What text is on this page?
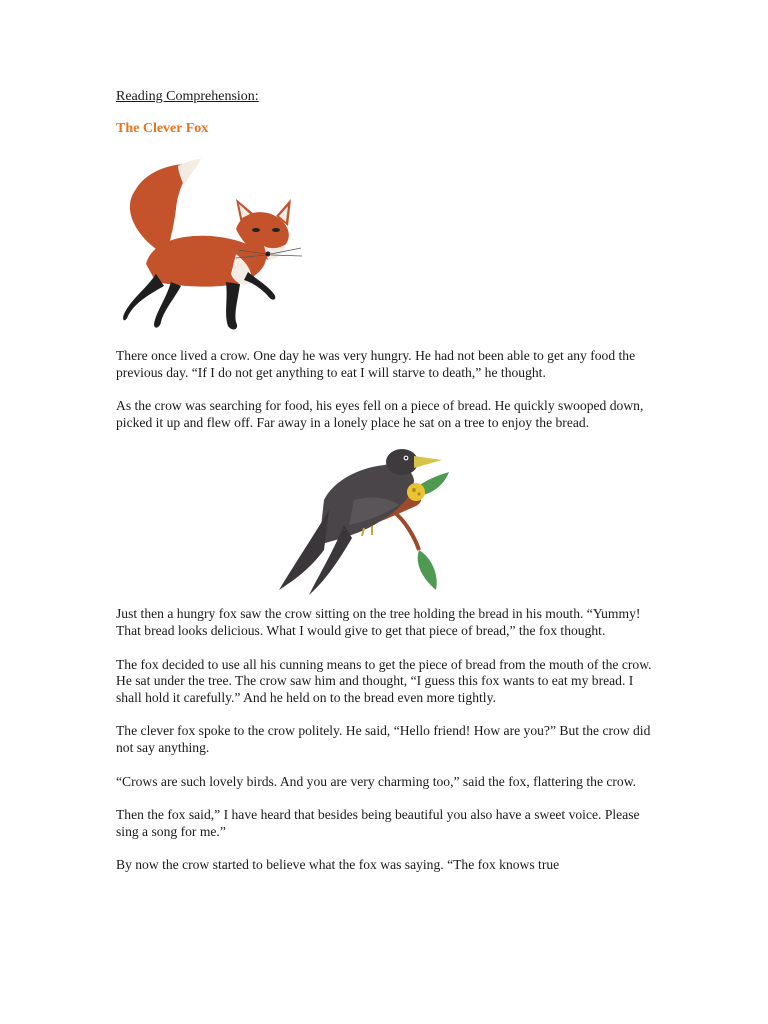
Reading Comprehension:

The Clever Fox

There once lived a crow. One day he was very hungry. He had not been able to get any food the previous day. “If I do not get anything to eat I will starve to death,” he thought.

As the crow was searching for food, his eyes fell on a piece of bread. He quickly swooped down, picked it up and flew off. Far away in a lonely place he sat on a tree to enjoy the bread.

Just then a hungry fox saw the crow sitting on the tree holding the bread in his mouth. “Yummy! That bread looks delicious. What I would give to get that piece of bread,” the fox thought.

The fox decided to use all his cunning means to get the piece of bread from the mouth of the crow. He sat under the tree. The crow saw him and thought, “I guess this fox wants to eat my bread. I shall hold it carefully.” And he held on to the bread even more tightly.

The clever fox spoke to the crow politely. He said, “Hello friend! How are you?” But the crow did not say anything.

“Crows are such lovely birds. And you are very charming too,” said the fox, flattering the crow.

Then the fox said,” I have heard that besides being beautiful you also have a sweet voice. Please sing a song for me.”

By now the crow started to believe what the fox was saying. “The fox knows true
